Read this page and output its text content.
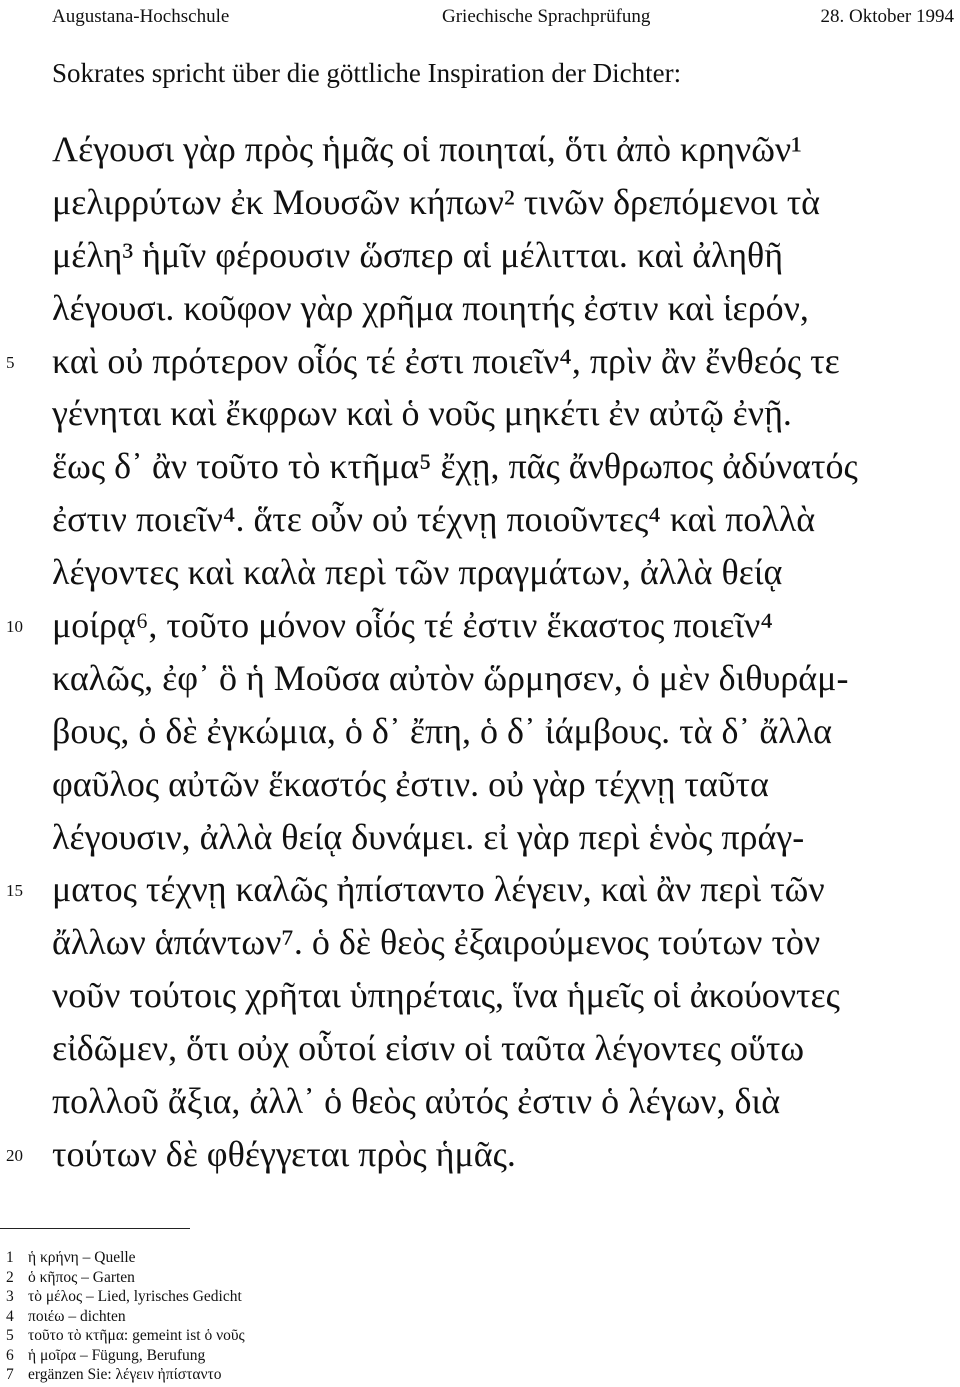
Augustana-Hochschule	Griechische Sprachprüfung	28. Oktober 1994
Sokrates spricht über die göttliche Inspiration der Dichter:
Λέγουσι γὰρ πρὸς ἡμᾶς οἱ ποιηταί, ὅτι ἀπὸ κρηνῶν¹
μελιρρύτων ἐκ Μουσῶν κήπων² τινῶν δρεπόμενοι τὰ
μέλη³ ἡμῖν φέρουσιν ὥσπερ αἱ μέλιτται. καὶ ἀληθῆ
λέγουσι. κοῦφον γὰρ χρῆμα ποιητής ἐστιν καὶ ἱερόν,
5	καὶ οὐ πρότερον οἷός τέ ἐστι ποιεῖν⁴, πρὶν ἂν ἔνθεός τε
γένηται καὶ ἔκφρων καὶ ὁ νοῦς μηκέτι ἐν αὐτῷ ἐνῇ.
ἕως δ᾽ ἂν τοῦτο τὸ κτῆμα⁵ ἔχῃ, πᾶς ἄνθρωπος ἀδύνατός
ἐστιν ποιεῖν⁴. ἅτε οὖν οὐ τέχνῃ ποιοῦντες⁴ καὶ πολλὰ
λέγοντες καὶ καλὰ περὶ τῶν πραγμάτων, ἀλλὰ θείᾳ
10 μοίρᾳ⁶, τοῦτο μόνον οἷός τέ ἐστιν ἕκαστος ποιεῖν⁴
καλῶς, ἐφ᾽ ὃ ἡ Μοῦσα αὐτὸν ὥρμησεν, ὁ μὲν διθυράμ-
βους, ὁ δὲ ἐγκώμια, ὁ δ᾽ ἔπη, ὁ δ᾽ ἰάμβους. τὰ δ᾽ ἄλλα
φαῦλος αὐτῶν ἕκαστός ἐστιν. οὐ γὰρ τέχνῃ ταῦτα
λέγουσιν, ἀλλὰ θείᾳ δυνάμει. εἰ γὰρ περὶ ἑνὸς πράγ-
15 ματος τέχνῃ καλῶς ἠπίσταντο λέγειν, καὶ ἂν περὶ τῶν
ἄλλων ἁπάντων⁷. ὁ δὲ θεὸς ἐξαιρούμενος τούτων τὸν
νοῦν τούτοις χρῆται ὑπηρέταις, ἵνα ἡμεῖς οἱ ἀκούοντες
εἰδῶμεν, ὅτι οὐχ οὗτοί εἰσιν οἱ ταῦτα λέγοντες οὕτω
πολλοῦ ἄξια, ἀλλ᾽ ὁ θεὸς αὐτός ἐστιν ὁ λέγων, διὰ
20 τούτων δὲ φθέγγεται πρὸς ἡμᾶς.
1 ἡ κρήνη – Quelle
2 ὁ κῆπος – Garten
3 τὸ μέλος – Lied, lyrisches Gedicht
4 ποιέω – dichten
5 τοῦτο τὸ κτῆμα: gemeint ist ὁ νοῦς
6 ἡ μοῖρα – Fügung, Berufung
7 ergänzen Sie: λέγειν ἠπίσταντο
